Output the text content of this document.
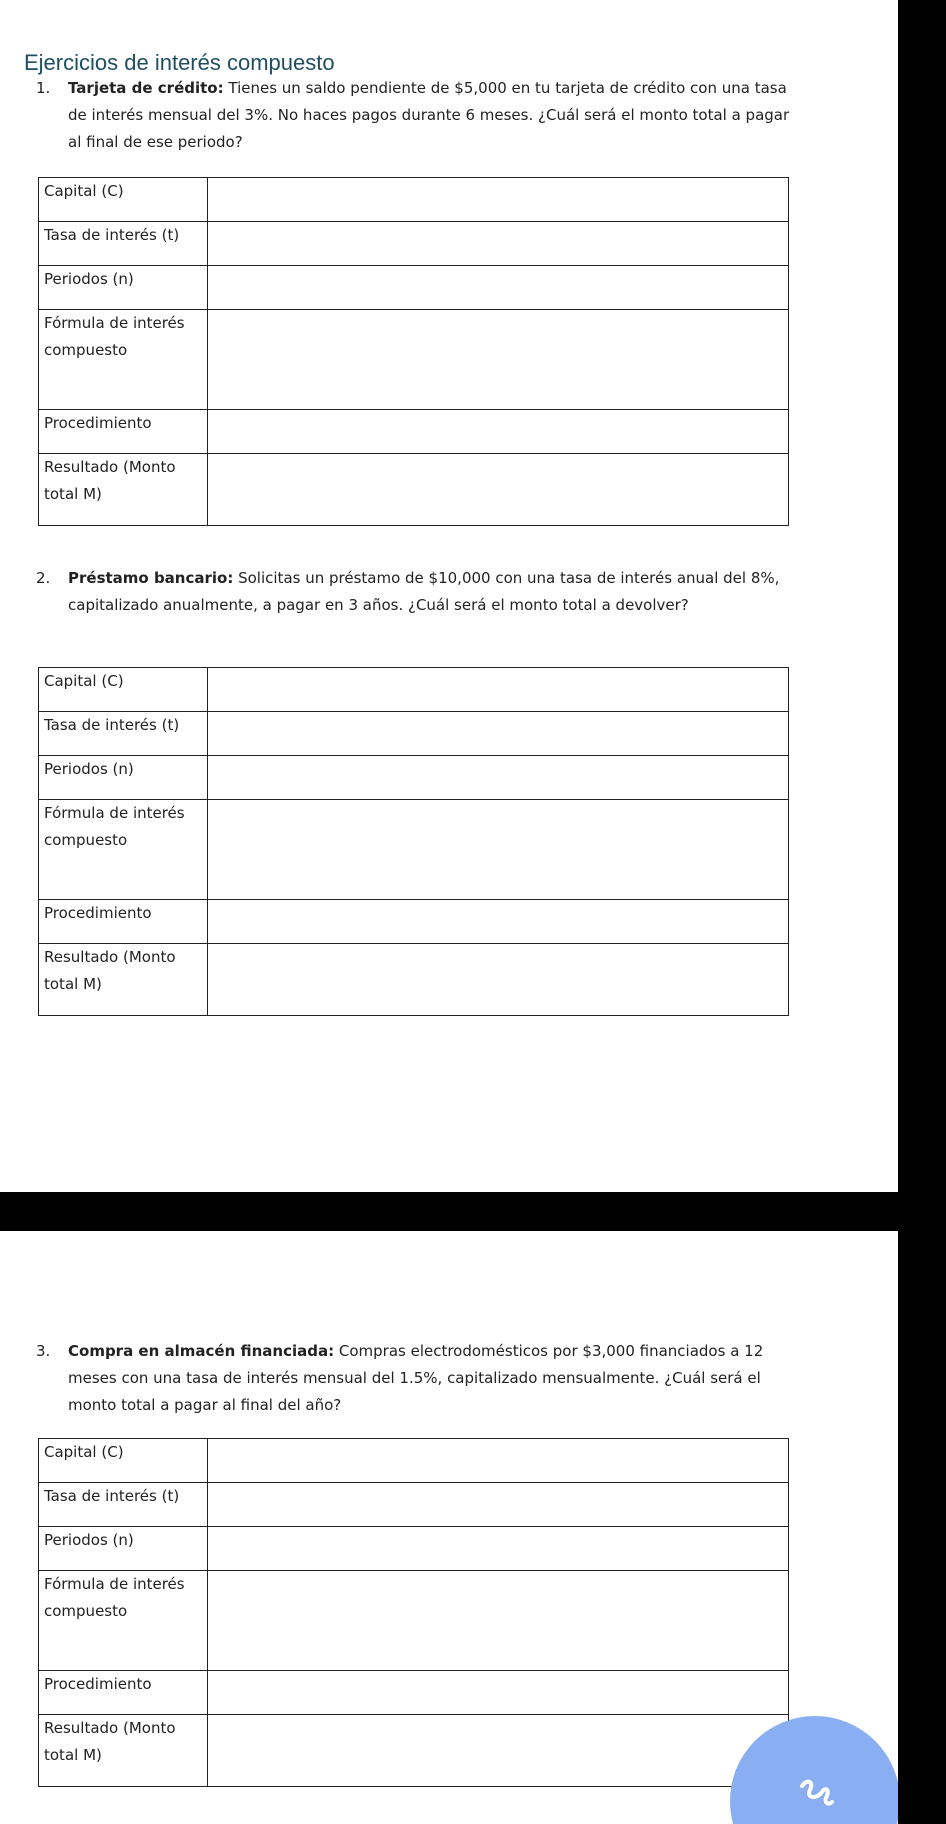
Ejercicios de interés compuesto
1. Tarjeta de crédito: Tienes un saldo pendiente de $5,000 en tu tarjeta de crédito con una tasa de interés mensual del 3%. No haces pagos durante 6 meses. ¿Cuál será el monto total a pagar al final de ese periodo?
Capital (C)	
Tasa de interés (t)	
Periodos (n)	
Fórmula de interés compuesto	
Procedimiento	
Resultado (Monto total M)	
2. Préstamo bancario: Solicitas un préstamo de $10,000 con una tasa de interés anual del 8%, capitalizado anualmente, a pagar en 3 años. ¿Cuál será el monto total a devolver?
Capital (C)	
Tasa de interés (t)	
Periodos (n)	
Fórmula de interés compuesto	
Procedimiento	
Resultado (Monto total M)	
3. Compra en almacén financiada: Compras electrodomésticos por $3,000 financiados a 12 meses con una tasa de interés mensual del 1.5%, capitalizado mensualmente. ¿Cuál será el monto total a pagar al final del año?
Capital (C)	
Tasa de interés (t)	
Periodos (n)	
Fórmula de interés compuesto	
Procedimiento	
Resultado (Monto total M)	
